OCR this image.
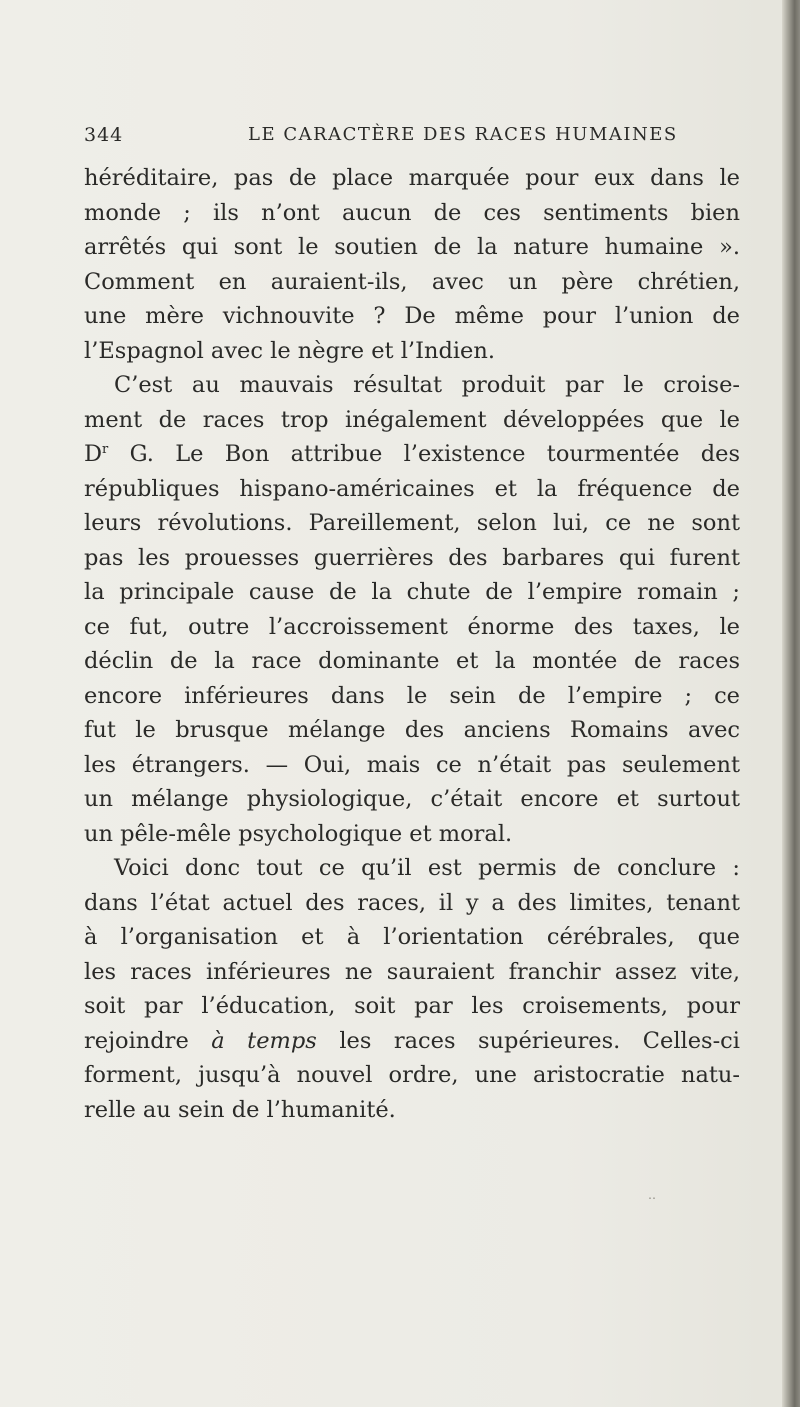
344	LE CARACTÈRE DES RACES HUMAINES
héréditaire, pas de place marquée pour eux dans le
monde ; ils n’ont aucun de ces sentiments bien
arrêtés qui sont le soutien de la nature humaine ».
Comment en auraient-ils, avec un père chrétien,
une mère vichnouvite ? De même pour l’union de
l’Espagnol avec le nègre et l’Indien.
C’est au mauvais résultat produit par le croise-
ment de races trop inégalement développées que le
$D^r$ G. Le Bon attribue l’existence tourmentée des
républiques hispano-américaines et la fréquence de
leurs révolutions. Pareillement, selon lui, ce ne sont
pas les prouesses guerrières des barbares qui furent
la principale cause de la chute de l’empire romain ;
ce fut, outre l’accroissement énorme des taxes, le
déclin de la race dominante et la montée de races
encore inférieures dans le sein de l’empire ; ce
fut le brusque mélange des anciens Romains avec
les étrangers. — Oui, mais ce n’était pas seulement
un mélange physiologique, c’était encore et surtout
un pêle-mêle psychologique et moral.
Voici donc tout ce qu’il est permis de conclure :
dans l’état actuel des races, il y a des limites, tenant
à l’organisation et à l’orientation cérébrales, que
les races inférieures ne sauraient franchir assez vite,
soit par l’éducation, soit par les croisements, pour
rejoindre à temps les races supérieures. Celles-ci
forment, jusqu’à nouvel ordre, une aristocratie natu-
relle au sein de l’humanité.
‥
